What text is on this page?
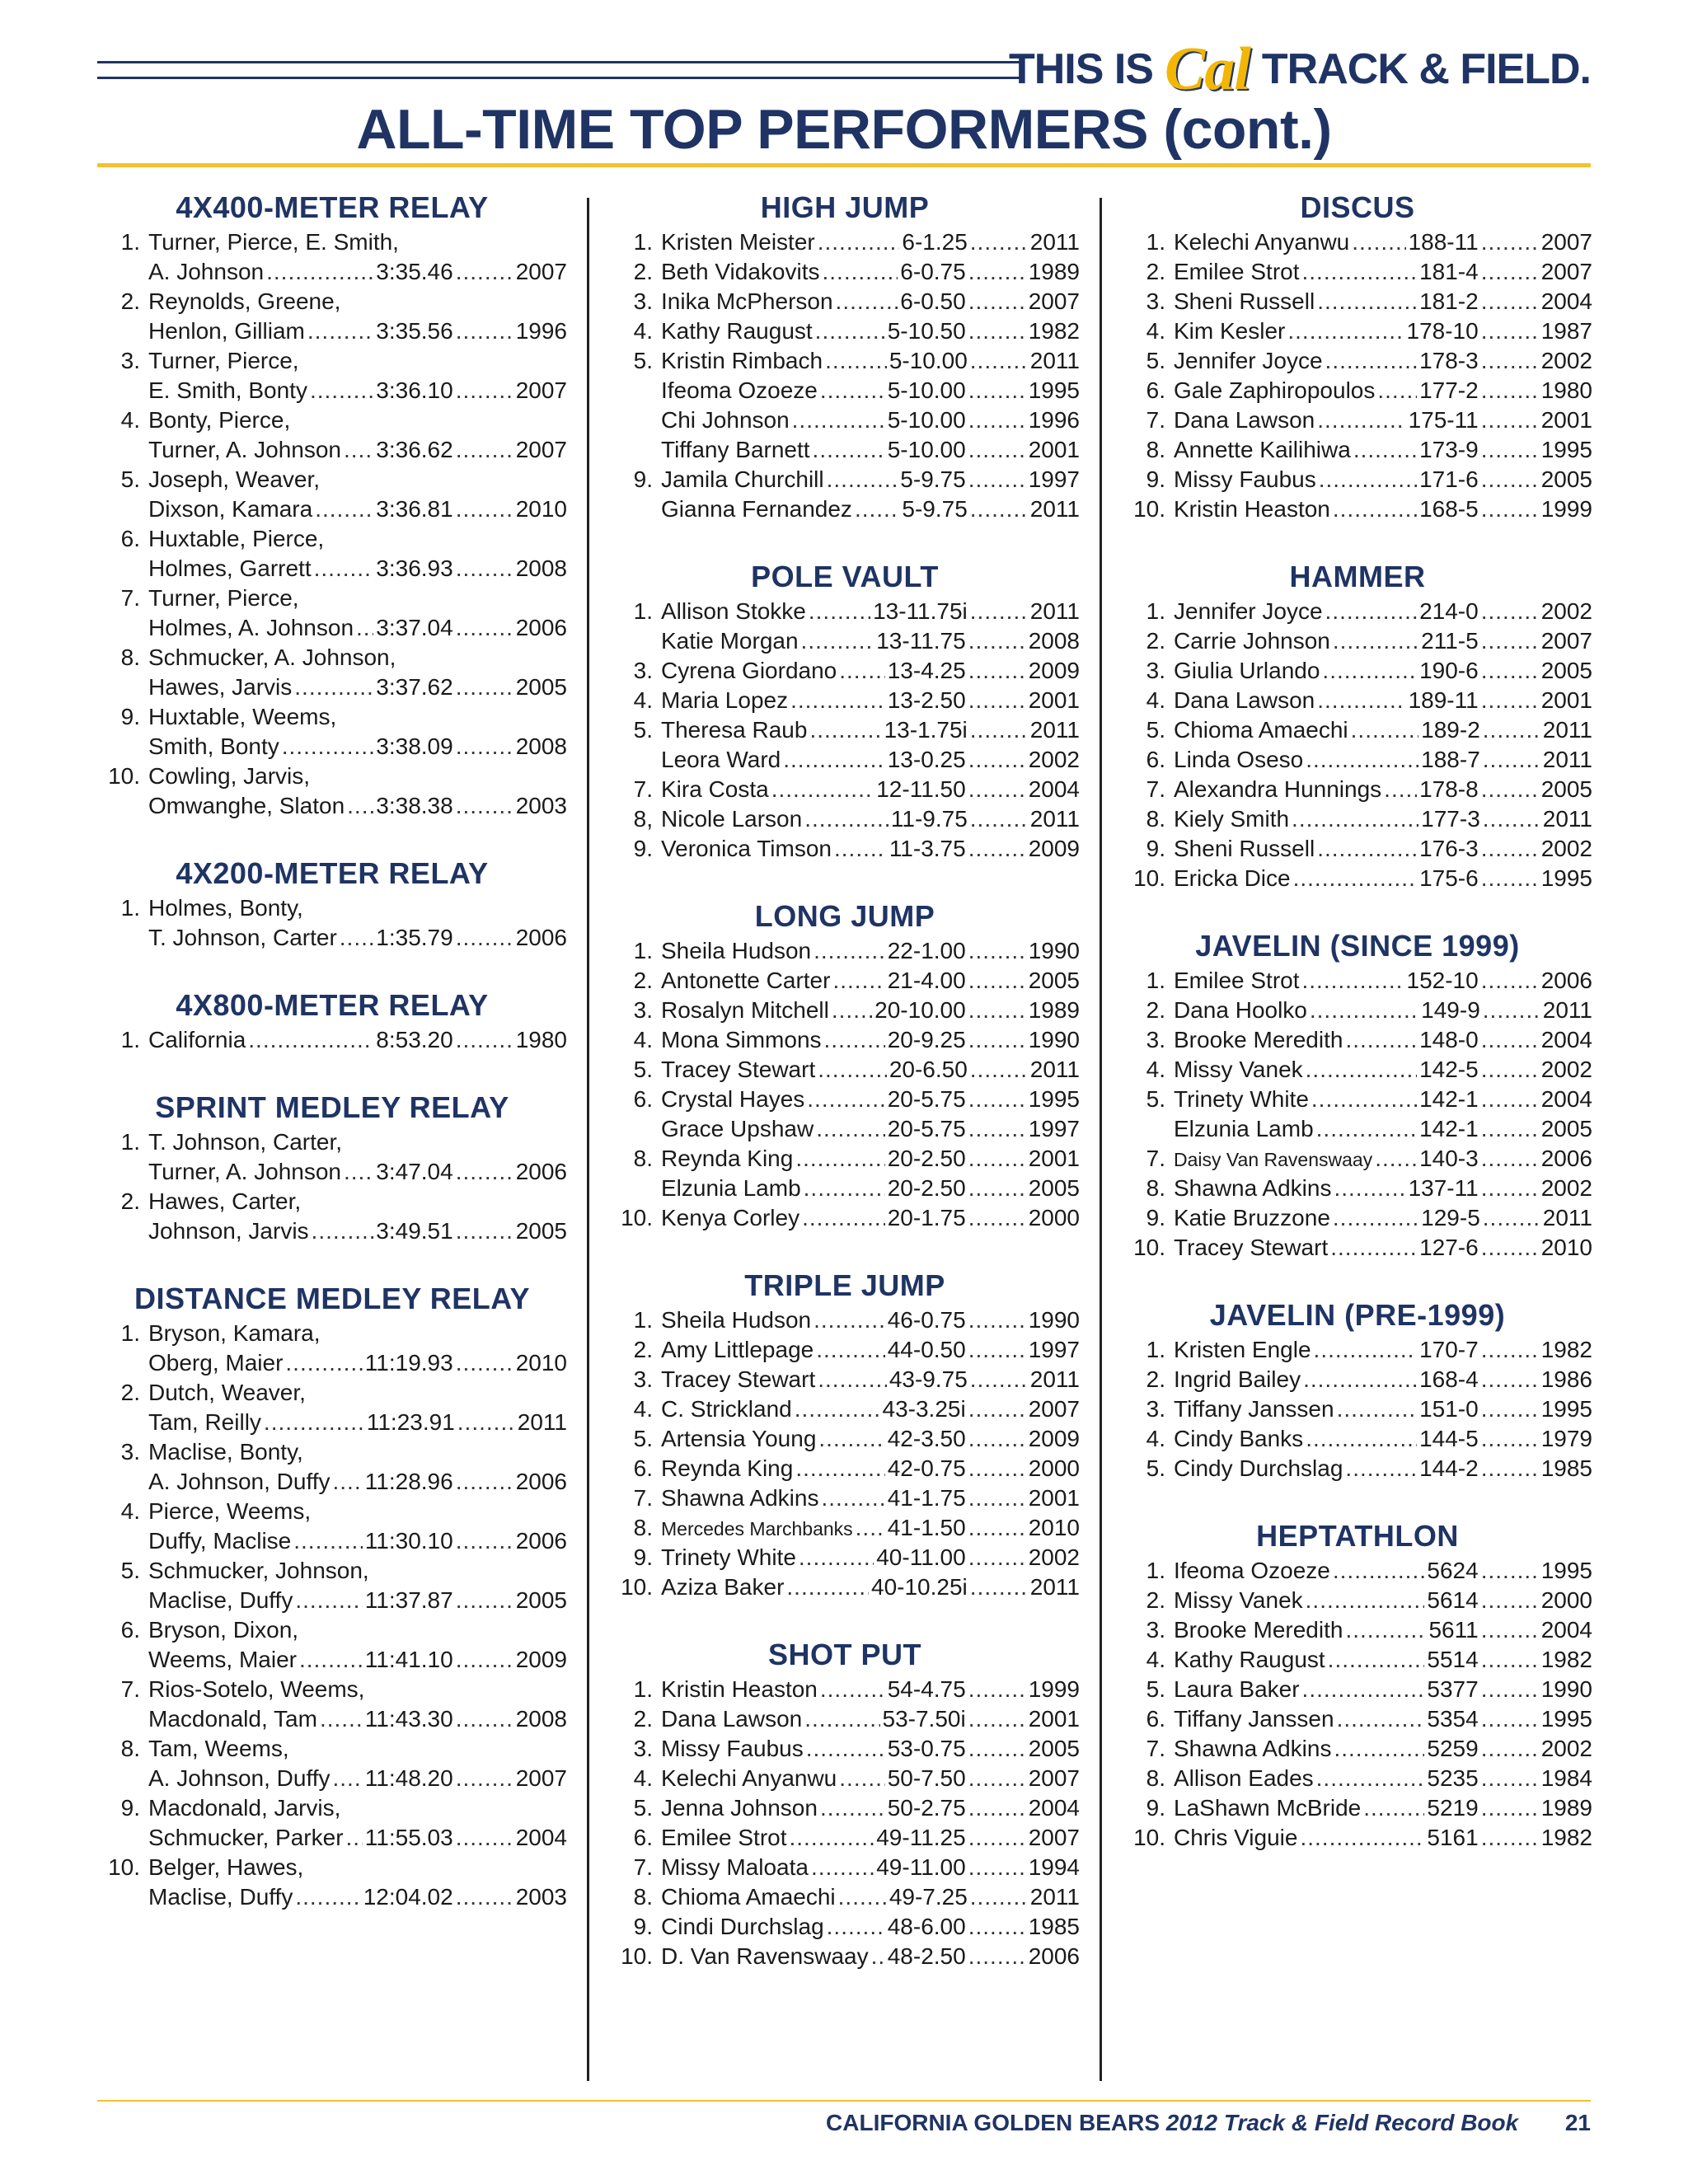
THIS IS Cal TRACK & FIELD.
ALL-TIME TOP PERFORMERS (cont.)
4X400-METER RELAY
1. Turner, Pierce, E. Smith,
A. Johnson .....	3:35.46 .....	2007
2. Reynolds, Greene,
Henlon, Gilliam .....	3:35.56 .....	1996
3. Turner, Pierce,
E. Smith, Bonty .....	3:36.10 .....	2007
4. Bonty, Pierce,
Turner, A. Johnson ..... 3:36.62 .....	2007
5. Joseph, Weaver,
Dixson, Kamara .....	3:36.81 .....	2010
6. Huxtable, Pierce,
Holmes, Garrett .....	3:36.93 .....	2008
7. Turner, Pierce,
Holmes, A. Johnson ..... 3:37.04 .....	2006
8. Schmucker, A. Johnson,
Hawes, Jarvis .....	3:37.62 .....	2005
9. Huxtable, Weems,
Smith, Bonty .....	3:38.09 .....	2008
10. Cowling, Jarvis,
Omwanghe, Slaton ..... 3:38.38 .....	2003
4X200-METER RELAY
1. Holmes, Bonty,
T. Johnson, Carter ..... 1:35.79 .....	2006
4X800-METER RELAY
1. California .....	8:53.20 .....	1980
SPRINT MEDLEY RELAY
1. T. Johnson, Carter,
Turner, A. Johnson ..... 3:47.04 .....	2006
2. Hawes, Carter,
Johnson, Jarvis .....	3:49.51 .....	2005
DISTANCE MEDLEY RELAY
1. Bryson, Kamara,
Oberg, Maier .....	11:19.93 .....	2010
2. Dutch, Weaver,
Tam, Reilly .....	11:23.91 .....	2011
3. Maclise, Bonty,
A. Johnson, Duffy ..... 11:28.96 .....	2006
4. Pierce, Weems,
Duffy, Maclise .....	11:30.10 .....	2006
5. Schmucker, Johnson,
Maclise, Duffy .....	11:37.87 .....	2005
6. Bryson, Dixon,
Weems, Maier .....	11:41.10 .....	2009
7. Rios-Sotelo, Weems,
Macdonald, Tam ..... 11:43.30 .....	2008
8. Tam, Weems,
A. Johnson, Duffy ..... 11:48.20 .....	2007
9. Macdonald, Jarvis,
Schmucker, Parker ..... 11:55.03 .....	2004
10. Belger, Hawes,
Maclise, Duffy .....	12:04.02 .....	2003
HIGH JUMP
1. Kristen Meister .....	6-1.25 .....	2011
2. Beth Vidakovits .....	6-0.75 .....	1989
3. Inika McPherson .....	6-0.50 .....	2007
4. Kathy Raugust .....	5-10.50 .....	1982
5. Kristin Rimbach .....	5-10.00 .....	2011
Ifeoma Ozoeze .....	5-10.00 .....	1995
Chi Johnson .....	5-10.00 .....	1996
Tiffany Barnett .....	5-10.00 .....	2001
9. Jamila Churchill .....	5-9.75 .....	1997
Gianna Fernandez ..... 5-9.75 .....	2011
POLE VAULT
1. Allison Stokke .....	13-11.75i .....	2011
Katie Morgan .....	13-11.75 .....	2008
3. Cyrena Giordano ..... 13-4.25 .....	2009
4. Maria Lopez .....	13-2.50 .....	2001
5. Theresa Raub .....	13-1.75i .....	2011
Leora Ward .....	13-0.25 .....	2002
7. Kira Costa .....	12-11.50 .....	2004
8, Nicole Larson .....	11-9.75 .....	2011
9. Veronica Timson ..... 11-3.75 .....	2009
LONG JUMP
1. Sheila Hudson .....	22-1.00 .....	1990
2. Antonette Carter ..... 21-4.00 .....	2005
3. Rosalyn Mitchell ..... 20-10.00 .....	1989
4. Mona Simmons .....	20-9.25 .....	1990
5. Tracey Stewart .....	20-6.50 .....	2011
6. Crystal Hayes .....	20-5.75 .....	1995
Grace Upshaw .....	20-5.75 .....	1997
8. Reynda King .....	20-2.50 .....	2001
Elzunia Lamb .....	20-2.50 .....	2005
10. Kenya Corley .....	20-1.75 .....	2000
TRIPLE JUMP
1. Sheila Hudson .....	46-0.75 .....	1990
2. Amy Littlepage .....	44-0.50 .....	1997
3. Tracey Stewart .....	43-9.75 .....	2011
4. C. Strickland .....	43-3.25i .....	2007
5. Artensia Young .....	42-3.50 .....	2009
6. Reynda King .....	42-0.75 .....	2000
7. Shawna Adkins .....	41-1.75 .....	2001
8. Mercedes Marchbanks ..... 41-1.50 .....	2010
9. Trinety White .....	40-11.00 .....	2002
10. Aziza Baker .....	40-10.25i .....	2011
SHOT PUT
1. Kristin Heaston .....	54-4.75 .....	1999
2. Dana Lawson .....	53-7.50i .....	2001
3. Missy Faubus .....	53-0.75 .....	2005
4. Kelechi Anyanwu ..... 50-7.50 .....	2007
5. Jenna Johnson .....	50-2.75 .....	2004
6. Emilee Strot .....	49-11.25 .....	2007
7. Missy Maloata .....	49-11.00 .....	1994
8. Chioma Amaechi ..... 49-7.25 .....	2011
9. Cindi Durchslag .....	48-6.00 .....	1985
10. D. Van Ravenswaay ..... 48-2.50 .....	2006
DISCUS
1. Kelechi Anyanwu .....	188-11 .....	2007
2. Emilee Strot .....	181-4 .....	2007
3. Sheni Russell .....	181-2 .....	2004
4. Kim Kesler .....	178-10 .....	1987
5. Jennifer Joyce .....	178-3 .....	2002
6. Gale Zaphiropoulos ..... 177-2 .....	1980
7. Dana Lawson .....	175-11 .....	2001
8. Annette Kailihiwa .....	173-9 .....	1995
9. Missy Faubus .....	171-6 .....	2005
10. Kristin Heaston .....	168-5 .....	1999
HAMMER
1. Jennifer Joyce .....	214-0 .....	2002
2. Carrie Johnson .....	211-5 .....	2007
3. Giulia Urlando .....	190-6 .....	2005
4. Dana Lawson .....	189-11 .....	2001
5. Chioma Amaechi .....	189-2 .....	2011
6. Linda Oseso .....	188-7 .....	2011
7. Alexandra Hunnings ..... 178-8 .....	2005
8. Kiely Smith .....	177-3 .....	2011
9. Sheni Russell .....	176-3 .....	2002
10. Ericka Dice .....	175-6 .....	1995
JAVELIN (SINCE 1999)
1. Emilee Strot .....	152-10 .....	2006
2. Dana Hoolko .....	149-9 .....	2011
3. Brooke Meredith .....	148-0 .....	2004
4. Missy Vanek .....	142-5 .....	2002
5. Trinety White .....	142-1 .....	2004
Elzunia Lamb .....	142-1 .....	2005
7. Daisy Van Ravenswaay ..... 140-3 .....	2006
8. Shawna Adkins .....	137-11 .....	2002
9. Katie Bruzzone .....	129-5 .....	2011
10. Tracey Stewart .....	127-6 .....	2010
JAVELIN (PRE-1999)
1. Kristen Engle .....	170-7 .....	1982
2. Ingrid Bailey .....	168-4 .....	1986
3. Tiffany Janssen .....	151-0 .....	1995
4. Cindy Banks .....	144-5 .....	1979
5. Cindy Durchslag .....	144-2 .....	1985
HEPTATHLON
1. Ifeoma Ozoeze .....	5624 .....	1995
2. Missy Vanek .....	5614 .....	2000
3. Brooke Meredith .....	5611 .....	2004
4. Kathy Raugust .....	5514 .....	1982
5. Laura Baker .....	5377 .....	1990
6. Tiffany Janssen .....	5354 .....	1995
7. Shawna Adkins .....	5259 .....	2002
8. Allison Eades .....	5235 .....	1984
9. LaShawn McBride .....	5219 .....	1989
10. Chris Viguie .....	5161 .....	1982
CALIFORNIA GOLDEN BEARS 2012 Track & Field Record Book 21
